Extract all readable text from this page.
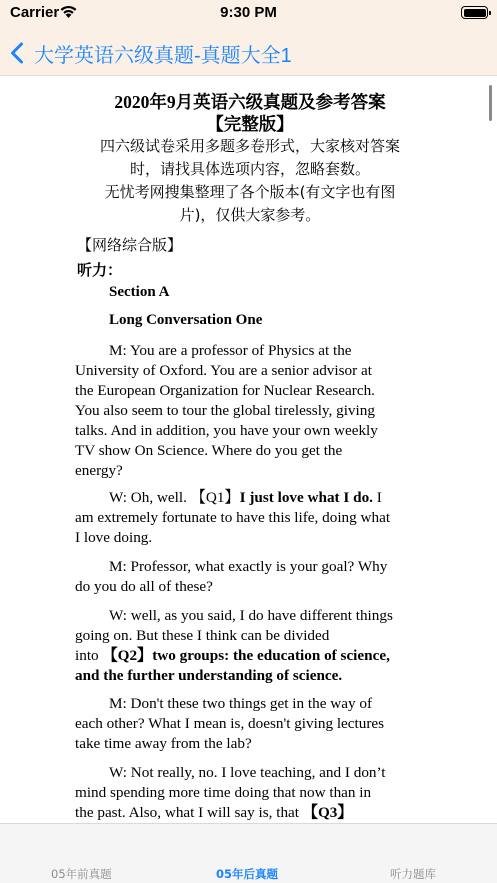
Carrier	9:30 PM
大学英语六级真题-真题大全1
2020年9月英语六级真题及参考答案
【完整版】
四六级试卷采用多题多卷形式，大家核对答案
时，请找具体选项内容，忽略套数。
无忧考网搜集整理了各个版本(有文字也有图
片)，仅供大家参考。
【网络综合版】
听力：
Section A
Long Conversation One
M: You are a professor of Physics at the
University of Oxford. You are a senior advisor at
the European Organization for Nuclear Research.
You also seem to tour the global tirelessly, giving
talks. And in addition, you have your own weekly
TV show On Science. Where do you get the
energy?
W: Oh, well. 【Q1】I just love what I do. I
am extremely fortunate to have this life, doing what
I love doing.
M: Professor, what exactly is your goal? Why
do you do all of these?
W: well, as you said, I do have different things
going on. But these I think can be divided
into 【Q2】two groups: the education of science,
and the further understanding of science.
M: Don't these two things get in the way of
each other? What I mean is, doesn't giving lectures
take time away from the lab?
W: Not really, no. I love teaching, and I don’t
mind spending more time doing that now than in
the past. Also, what I will say is, that 【Q3】
05年前真题	05年后真题	听力题库
